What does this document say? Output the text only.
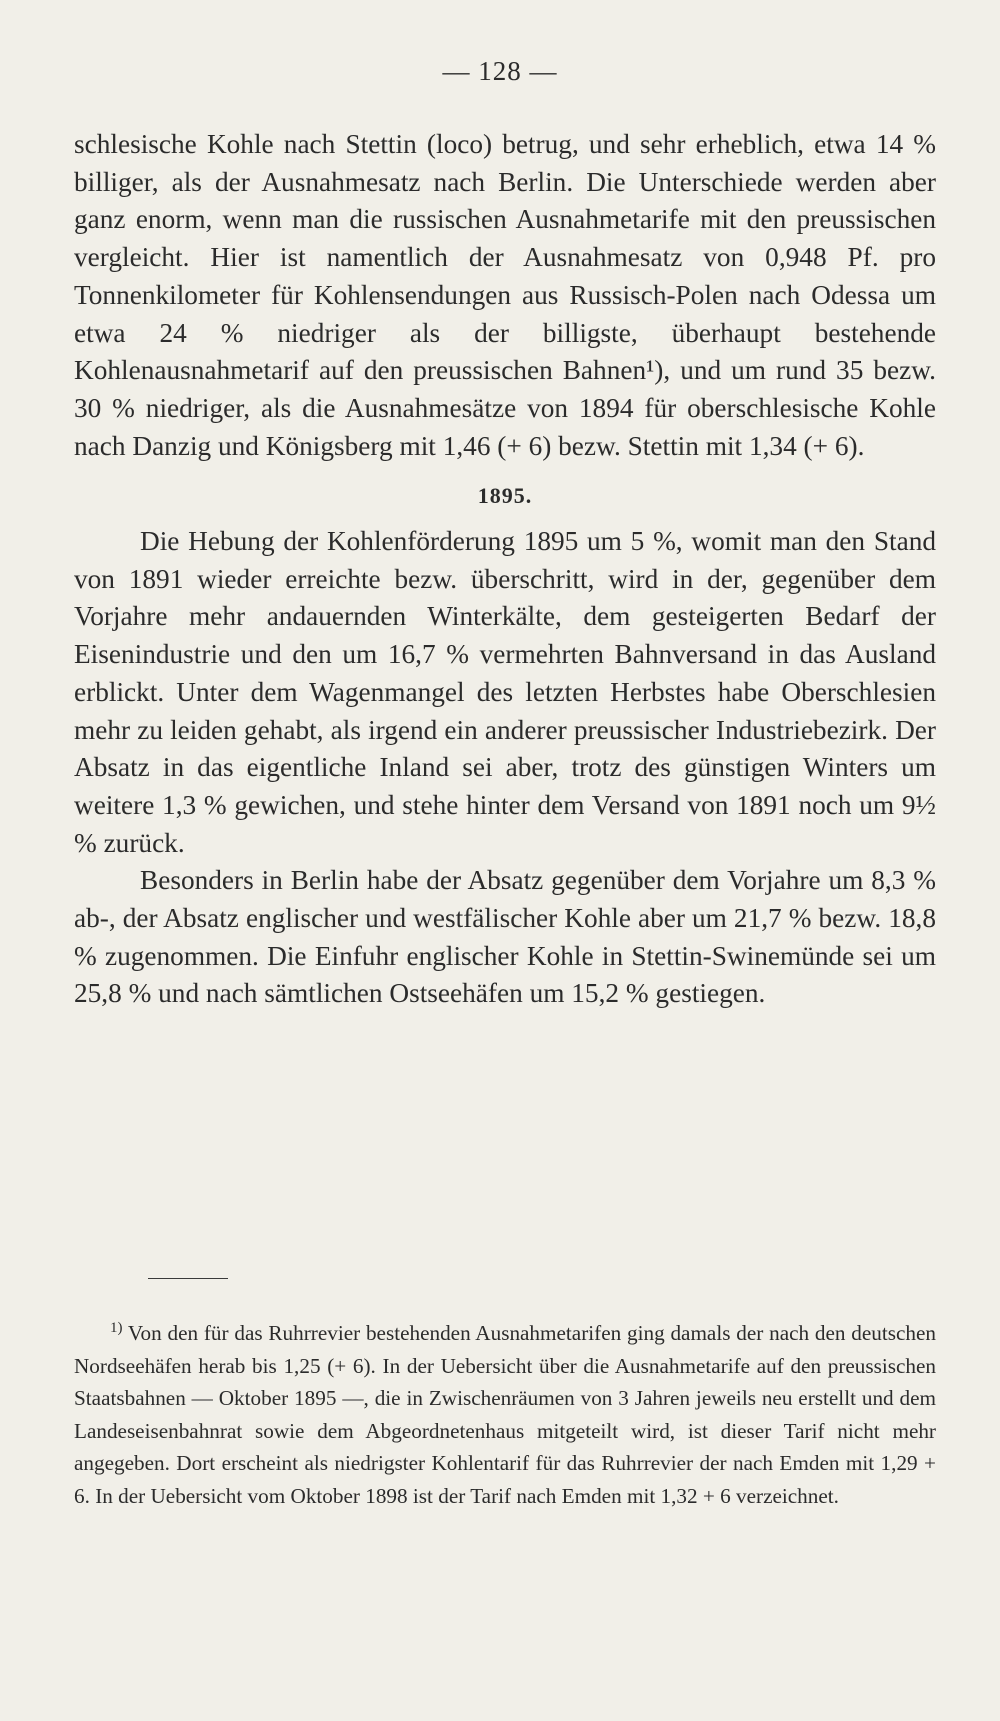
— 128 —

schlesische Kohle nach Stettin (loco) betrug, und sehr erheblich, etwa 14 % billiger, als der Ausnahmesatz nach Berlin. Die Unterschiede werden aber ganz enorm, wenn man die russischen Ausnahmetarife mit den preussischen vergleicht. Hier ist namentlich der Ausnahmesatz von 0,948 Pf. pro Tonnenkilometer für Kohlensendungen aus Russisch-Polen nach Odessa um etwa 24 % niedriger als der billigste, überhaupt bestehende Kohlenausnahmetarif auf den preussischen Bahnen¹), und um rund 35 bezw. 30 % niedriger, als die Ausnahmesätze von 1894 für oberschlesische Kohle nach Danzig und Königsberg mit 1,46 (+ 6) bezw. Stettin mit 1,34 (+ 6).

1895.

Die Hebung der Kohlenförderung 1895 um 5 %, womit man den Stand von 1891 wieder erreichte bezw. überschritt, wird in der, gegenüber dem Vorjahre mehr andauernden Winterkälte, dem gesteigerten Bedarf der Eisenindustrie und den um 16,7 % vermehrten Bahnversand in das Ausland erblickt. Unter dem Wagenmangel des letzten Herbstes habe Oberschlesien mehr zu leiden gehabt, als irgend ein anderer preussischer Industriebezirk. Der Absatz in das eigentliche Inland sei aber, trotz des günstigen Winters um weitere 1,3 % gewichen, und stehe hinter dem Versand von 1891 noch um 9½ % zurück.

Besonders in Berlin habe der Absatz gegenüber dem Vorjahre um 8,3 % ab-, der Absatz englischer und westfälischer Kohle aber um 21,7 % bezw. 18,8 % zugenommen. Die Einfuhr englischer Kohle in Stettin-Swinemünde sei um 25,8 % und nach sämtlichen Ostseehäfen um 15,2 % gestiegen.

$^{1)}$ Von den für das Ruhrrevier bestehenden Ausnahmetarifen ging damals der nach den deutschen Nordseehäfen herab bis 1,25 (+ 6). In der Uebersicht über die Ausnahmetarife auf den preussischen Staatsbahnen — Oktober 1895 —, die in Zwischenräumen von 3 Jahren jeweils neu erstellt und dem Landeseisenbahnrat sowie dem Abgeordnetenhaus mitgeteilt wird, ist dieser Tarif nicht mehr angegeben. Dort erscheint als niedrigster Kohlentarif für das Ruhrrevier der nach Emden mit 1,29 + 6. In der Uebersicht vom Oktober 1898 ist der Tarif nach Emden mit 1,32 + 6 verzeichnet.
